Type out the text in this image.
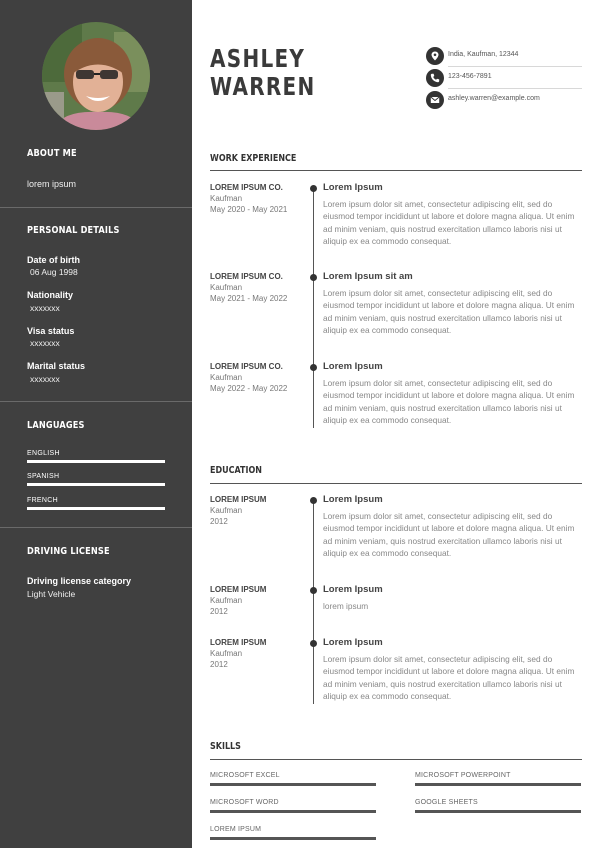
ABOUT ME
lorem ipsum
PERSONAL DETAILS
Date of birth
06 Aug 1998
Nationality
xxxxxxx
Visa status
xxxxxxx
Marital status
xxxxxxx
LANGUAGES
ENGLISH
SPANISH
FRENCH
DRIVING LICENSE
Driving license category
Light Vehicle
ASHLEY
WARREN
India, Kaufman, 12344
123-456-7891
ashley.warren@example.com
WORK EXPERIENCE
LOREM IPSUM CO.
Kaufman
May 2020 - May 2021
Lorem Ipsum
Lorem ipsum dolor sit amet, consectetur adipiscing elit, sed do eiusmod tempor incididunt ut labore et dolore magna aliqua. Ut enim ad minim veniam, quis nostrud exercitation ullamco laboris nisi ut aliquip ex ea commodo consequat.
LOREM IPSUM CO.
Kaufman
May 2021 - May 2022
Lorem Ipsum sit am
Lorem ipsum dolor sit amet, consectetur adipiscing elit, sed do eiusmod tempor incididunt ut labore et dolore magna aliqua. Ut enim ad minim veniam, quis nostrud exercitation ullamco laboris nisi ut aliquip ex ea commodo consequat.
LOREM IPSUM CO.
Kaufman
May 2022 - May 2022
Lorem Ipsum
Lorem ipsum dolor sit amet, consectetur adipiscing elit, sed do eiusmod tempor incididunt ut labore et dolore magna aliqua. Ut enim ad minim veniam, quis nostrud exercitation ullamco laboris nisi ut aliquip ex ea commodo consequat.
EDUCATION
LOREM IPSUM
Kaufman
2012
Lorem Ipsum
Lorem ipsum dolor sit amet, consectetur adipiscing elit, sed do eiusmod tempor incididunt ut labore et dolore magna aliqua. Ut enim ad minim veniam, quis nostrud exercitation ullamco laboris nisi ut aliquip ex ea commodo consequat.
LOREM IPSUM
Kaufman
2012
Lorem Ipsum
lorem ipsum
LOREM IPSUM
Kaufman
2012
Lorem Ipsum
Lorem ipsum dolor sit amet, consectetur adipiscing elit, sed do eiusmod tempor incididunt ut labore et dolore magna aliqua. Ut enim ad minim veniam, quis nostrud exercitation ullamco laboris nisi ut aliquip ex ea commodo consequat.
SKILLS
MICROSOFT EXCEL	MICROSOFT POWERPOINT
MICROSOFT WORD	GOOGLE SHEETS
LOREM IPSUM
